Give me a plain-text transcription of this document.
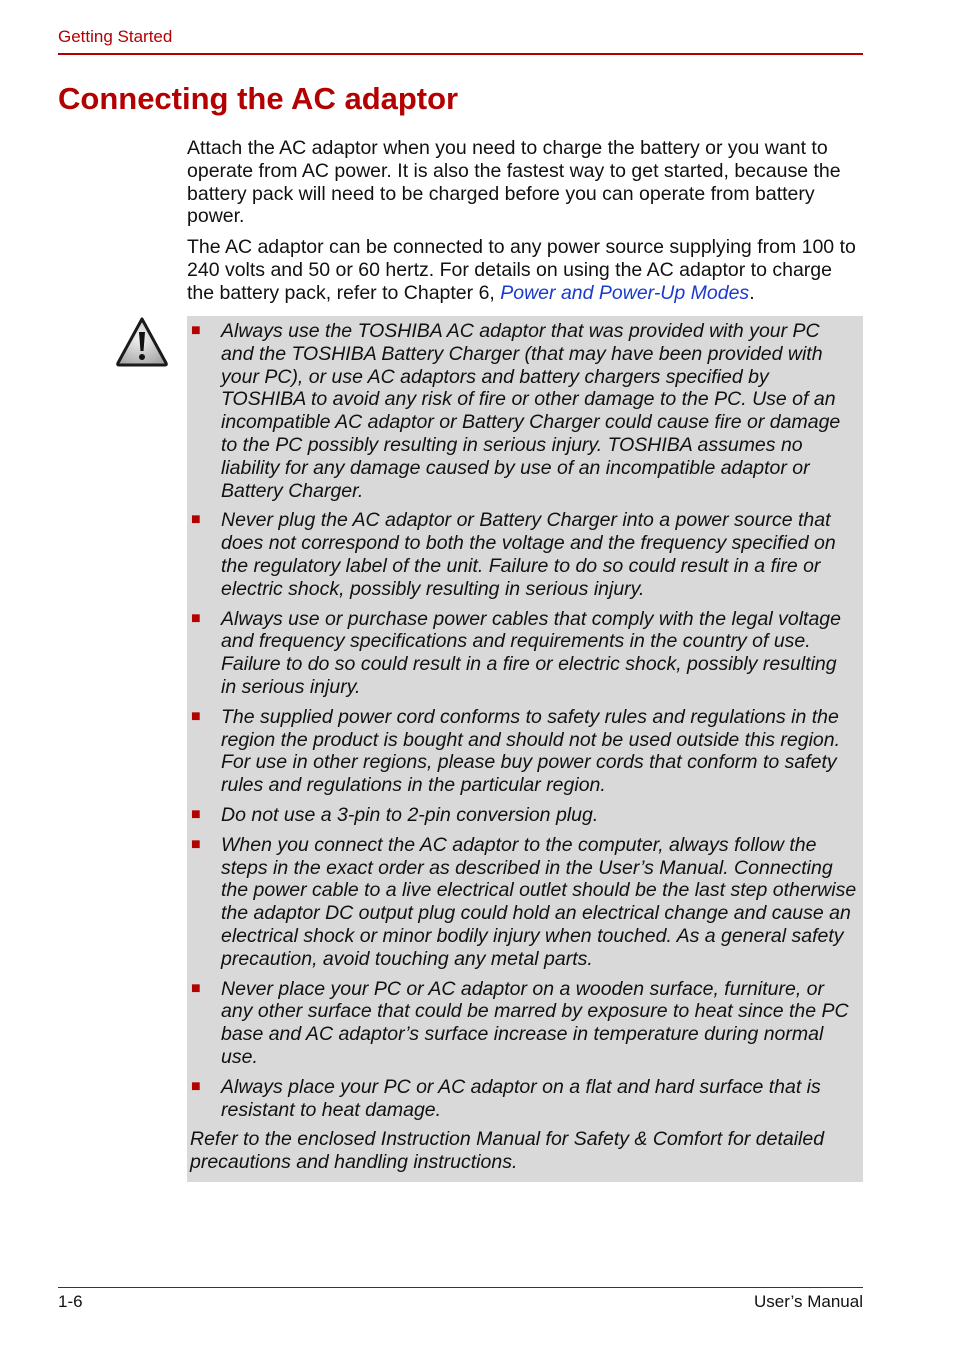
Getting Started
Connecting the AC adaptor

Attach the AC adaptor when you need to charge the battery or you want to operate from AC power. It is also the fastest way to get started, because the battery pack will need to be charged before you can operate from battery power.

The AC adaptor can be connected to any power source supplying from 100 to 240 volts and 50 or 60 hertz. For details on using the AC adaptor to charge the battery pack, refer to Chapter 6, Power and Power-Up Modes.

■	Always use the TOSHIBA AC adaptor that was provided with your PC and the TOSHIBA Battery Charger (that may have been provided with your PC), or use AC adaptors and battery chargers specified by TOSHIBA to avoid any risk of fire or other damage to the PC. Use of an incompatible AC adaptor or Battery Charger could cause fire or damage to the PC possibly resulting in serious injury. TOSHIBA assumes no liability for any damage caused by use of an incompatible adaptor or Battery Charger.
■	Never plug the AC adaptor or Battery Charger into a power source that does not correspond to both the voltage and the frequency specified on the regulatory label of the unit. Failure to do so could result in a fire or electric shock, possibly resulting in serious injury.
■	Always use or purchase power cables that comply with the legal voltage and frequency specifications and requirements in the country of use. Failure to do so could result in a fire or electric shock, possibly resulting in serious injury.
■	The supplied power cord conforms to safety rules and regulations in the region the product is bought and should not be used outside this region. For use in other regions, please buy power cords that conform to safety rules and regulations in the particular region.
■	Do not use a 3-pin to 2-pin conversion plug.
■	When you connect the AC adaptor to the computer, always follow the steps in the exact order as described in the User’s Manual. Connecting the power cable to a live electrical outlet should be the last step otherwise the adaptor DC output plug could hold an electrical change and cause an electrical shock or minor bodily injury when touched. As a general safety precaution, avoid touching any metal parts.
■	Never place your PC or AC adaptor on a wooden surface, furniture, or any other surface that could be marred by exposure to heat since the PC base and AC adaptor’s surface increase in temperature during normal use.
■	Always place your PC or AC adaptor on a flat and hard surface that is resistant to heat damage.

Refer to the enclosed Instruction Manual for Safety & Comfort for detailed precautions and handling instructions.

1-6	User’s Manual
